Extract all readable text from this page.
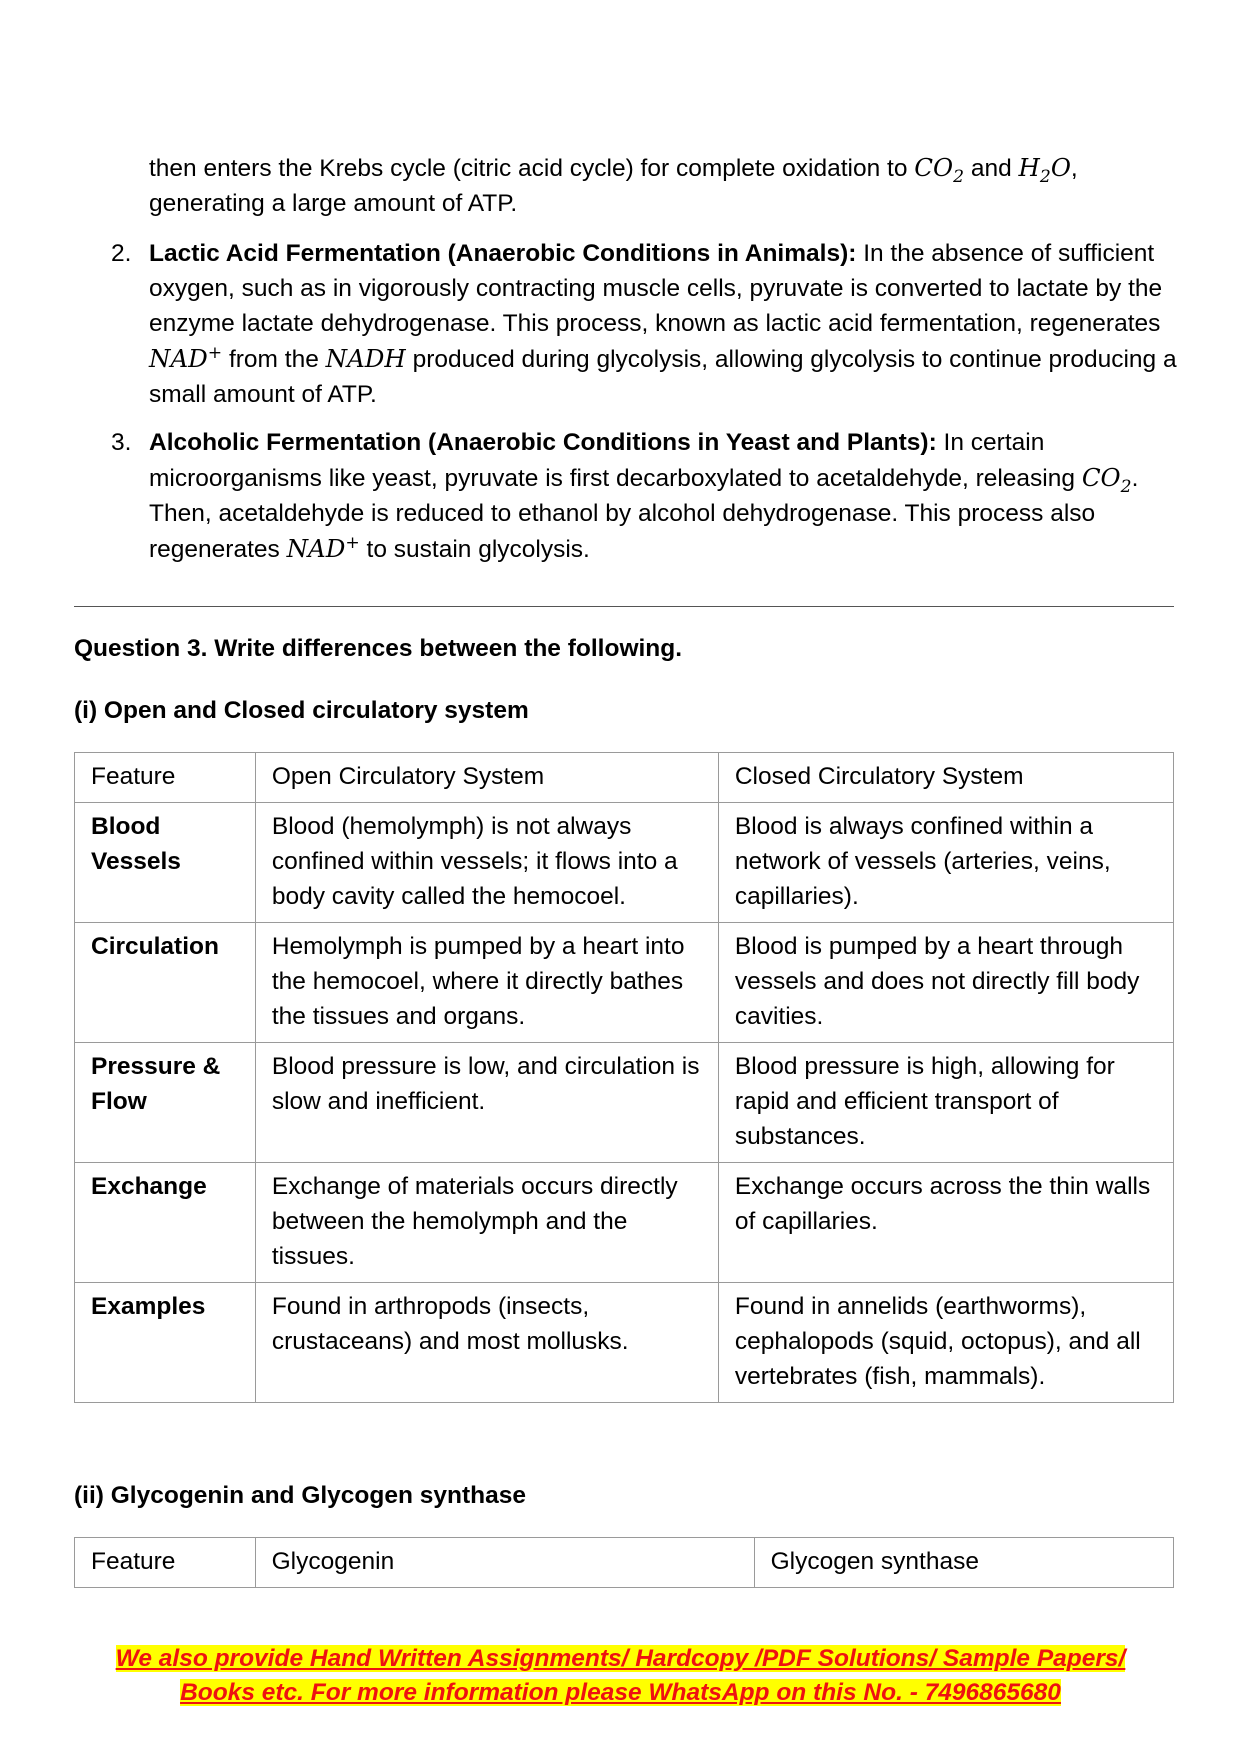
then enters the Krebs cycle (citric acid cycle) for complete oxidation to $CO_2$ and $H_2O$,
generating a large amount of ATP.
2. Lactic Acid Fermentation (Anaerobic Conditions in Animals): In the absence of sufficient oxygen, such as in vigorously contracting muscle cells, pyruvate is converted to lactate by the enzyme lactate dehydrogenase. This process, known as lactic acid fermentation, regenerates NAD+ from the NADH produced during glycolysis, allowing glycolysis to continue producing a small amount of ATP.

3. Alcoholic Fermentation (Anaerobic Conditions in Yeast and Plants): In certain microorganisms like yeast, pyruvate is first decarboxylated to acetaldehyde, releasing $CO_2$. Then, acetaldehyde is reduced to ethanol by alcohol dehydrogenase. This process also regenerates NAD+ to sustain glycolysis.

Question 3. Write differences between the following.

(i) Open and Closed circulatory system

Feature	Open Circulatory System	Closed Circulatory System
Blood Vessels	Blood (hemolymph) is not always confined within vessels; it flows into a body cavity called the hemocoel.	Blood is always confined within a network of vessels (arteries, veins, capillaries).
Circulation	Hemolymph is pumped by a heart into the hemocoel, where it directly bathes the tissues and organs.	Blood is pumped by a heart through vessels and does not directly fill body cavities.
Pressure & Flow	Blood pressure is low, and circulation is slow and inefficient.	Blood pressure is high, allowing for rapid and efficient transport of substances.
Exchange	Exchange of materials occurs directly between the hemolymph and the tissues.	Exchange occurs across the thin walls of capillaries.
Examples	Found in arthropods (insects, crustaceans) and most mollusks.	Found in annelids (earthworms), cephalopods (squid, octopus), and all vertebrates (fish, mammals).

(ii) Glycogenin and Glycogen synthase

Feature	Glycogenin	Glycogen synthase
We also provide Hand Written Assignments/ Hardcopy /PDF Solutions/ Sample Papers/
Books etc. For more information please WhatsApp on this No. - 7496865680
